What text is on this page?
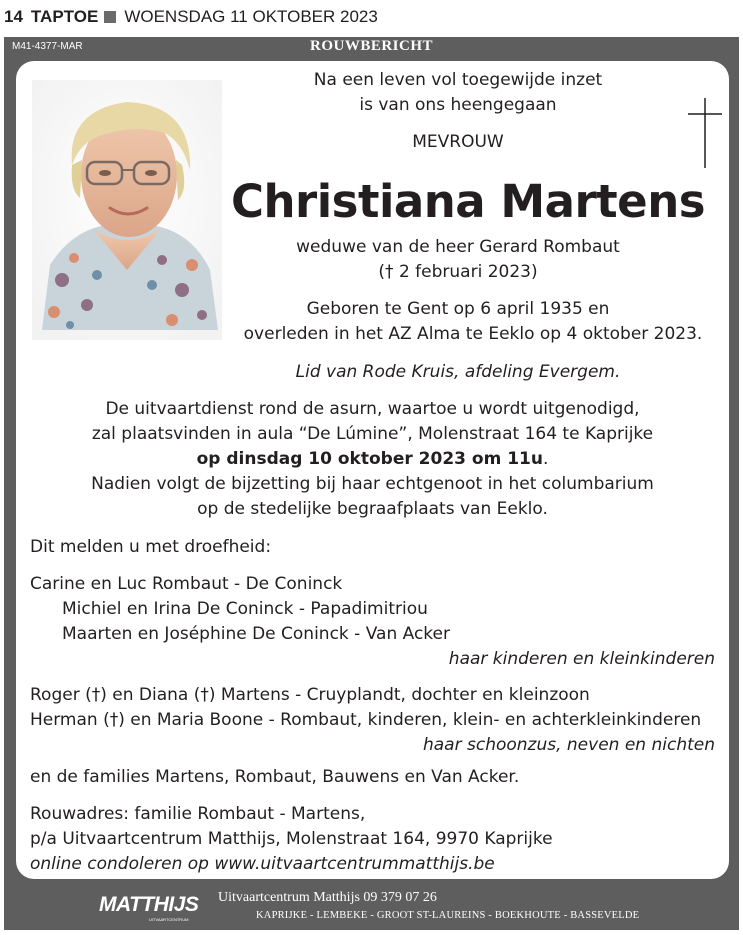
14 TAPTOE WOENSDAG 11 OKTOBER 2023
M41-4377-MAR	ROUWBERICHT
Na een leven vol toegewijde inzet
is van ons heengegaan
MEVROUW
Christiana Martens
weduwe van de heer Gerard Rombaut
(† 2 februari 2023)
Geboren te Gent op 6 april 1935 en
overleden in het AZ Alma te Eeklo op 4 oktober 2023.
Lid van Rode Kruis, afdeling Evergem.
De uitvaartdienst rond de asurn, waartoe u wordt uitgenodigd,
zal plaatsvinden in aula “De Lúmine”, Molenstraat 164 te Kaprijke
op dinsdag 10 oktober 2023 om 11u.
Nadien volgt de bijzetting bij haar echtgenoot in het columbarium
op de stedelijke begraafplaats van Eeklo.
Dit melden u met droefheid:
Carine en Luc Rombaut - De Coninck
Michiel en Irina De Coninck - Papadimitriou
Maarten en Joséphine De Coninck - Van Acker
haar kinderen en kleinkinderen
Roger (†) en Diana (†) Martens - Cruyplandt, dochter en kleinzoon
Herman (†) en Maria Boone - Rombaut, kinderen, klein- en achterkleinkinderen
haar schoonzus, neven en nichten
en de families Martens, Rombaut, Bauwens en Van Acker.
Rouwadres: familie Rombaut - Martens,
p/a Uitvaartcentrum Matthijs, Molenstraat 164, 9970 Kaprijke
online condoleren op www.uitvaartcentrummatthijs.be
MATTHIJS
UITVAARTCENTRUM
Uitvaartcentrum Matthijs 09 379 07 26
KAPRIJKE - LEMBEKE - GROOT ST-LAUREINS - BOEKHOUTE - BASSEVELDE
